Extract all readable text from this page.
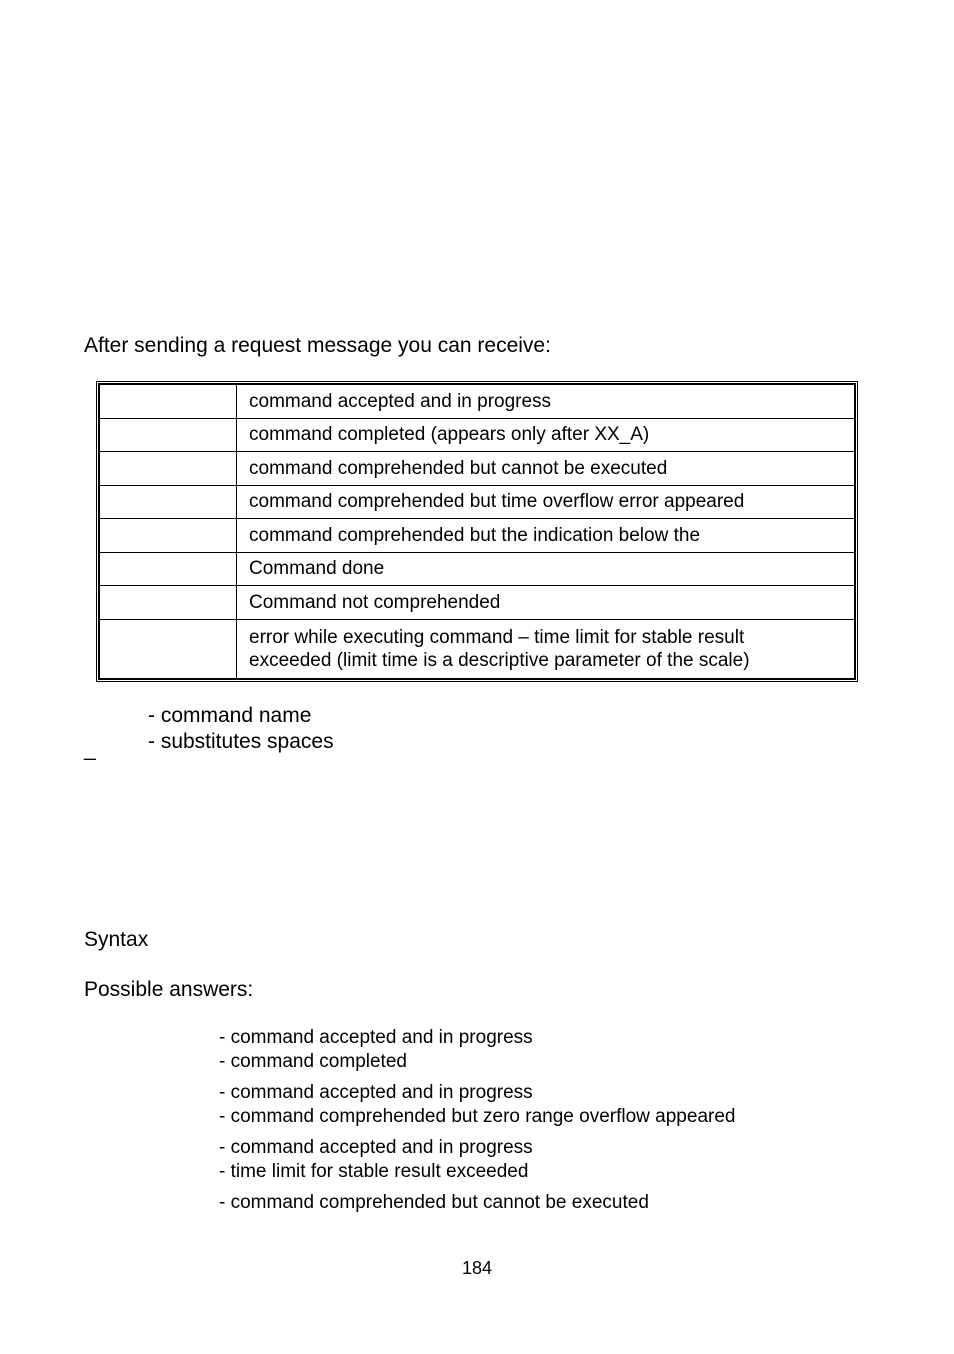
After sending a request message you can receive:
	command accepted and in progress
	command completed (appears only after XX_A)
	command comprehended but cannot be executed
	command comprehended but time overflow error appeared
	command comprehended but the indication below the
	Command done
	Command not comprehended

	error while executing command – time limit for stable result
exceeded (limit time is a descriptive parameter of the scale)
- command name
_	- substitutes spaces
Syntax
Possible answers:
- command accepted and in progress
- command completed
- command accepted and in progress
- command comprehended but zero range overflow appeared
- command accepted and in progress
- time limit for stable result exceeded
- command comprehended but cannot be executed
184
